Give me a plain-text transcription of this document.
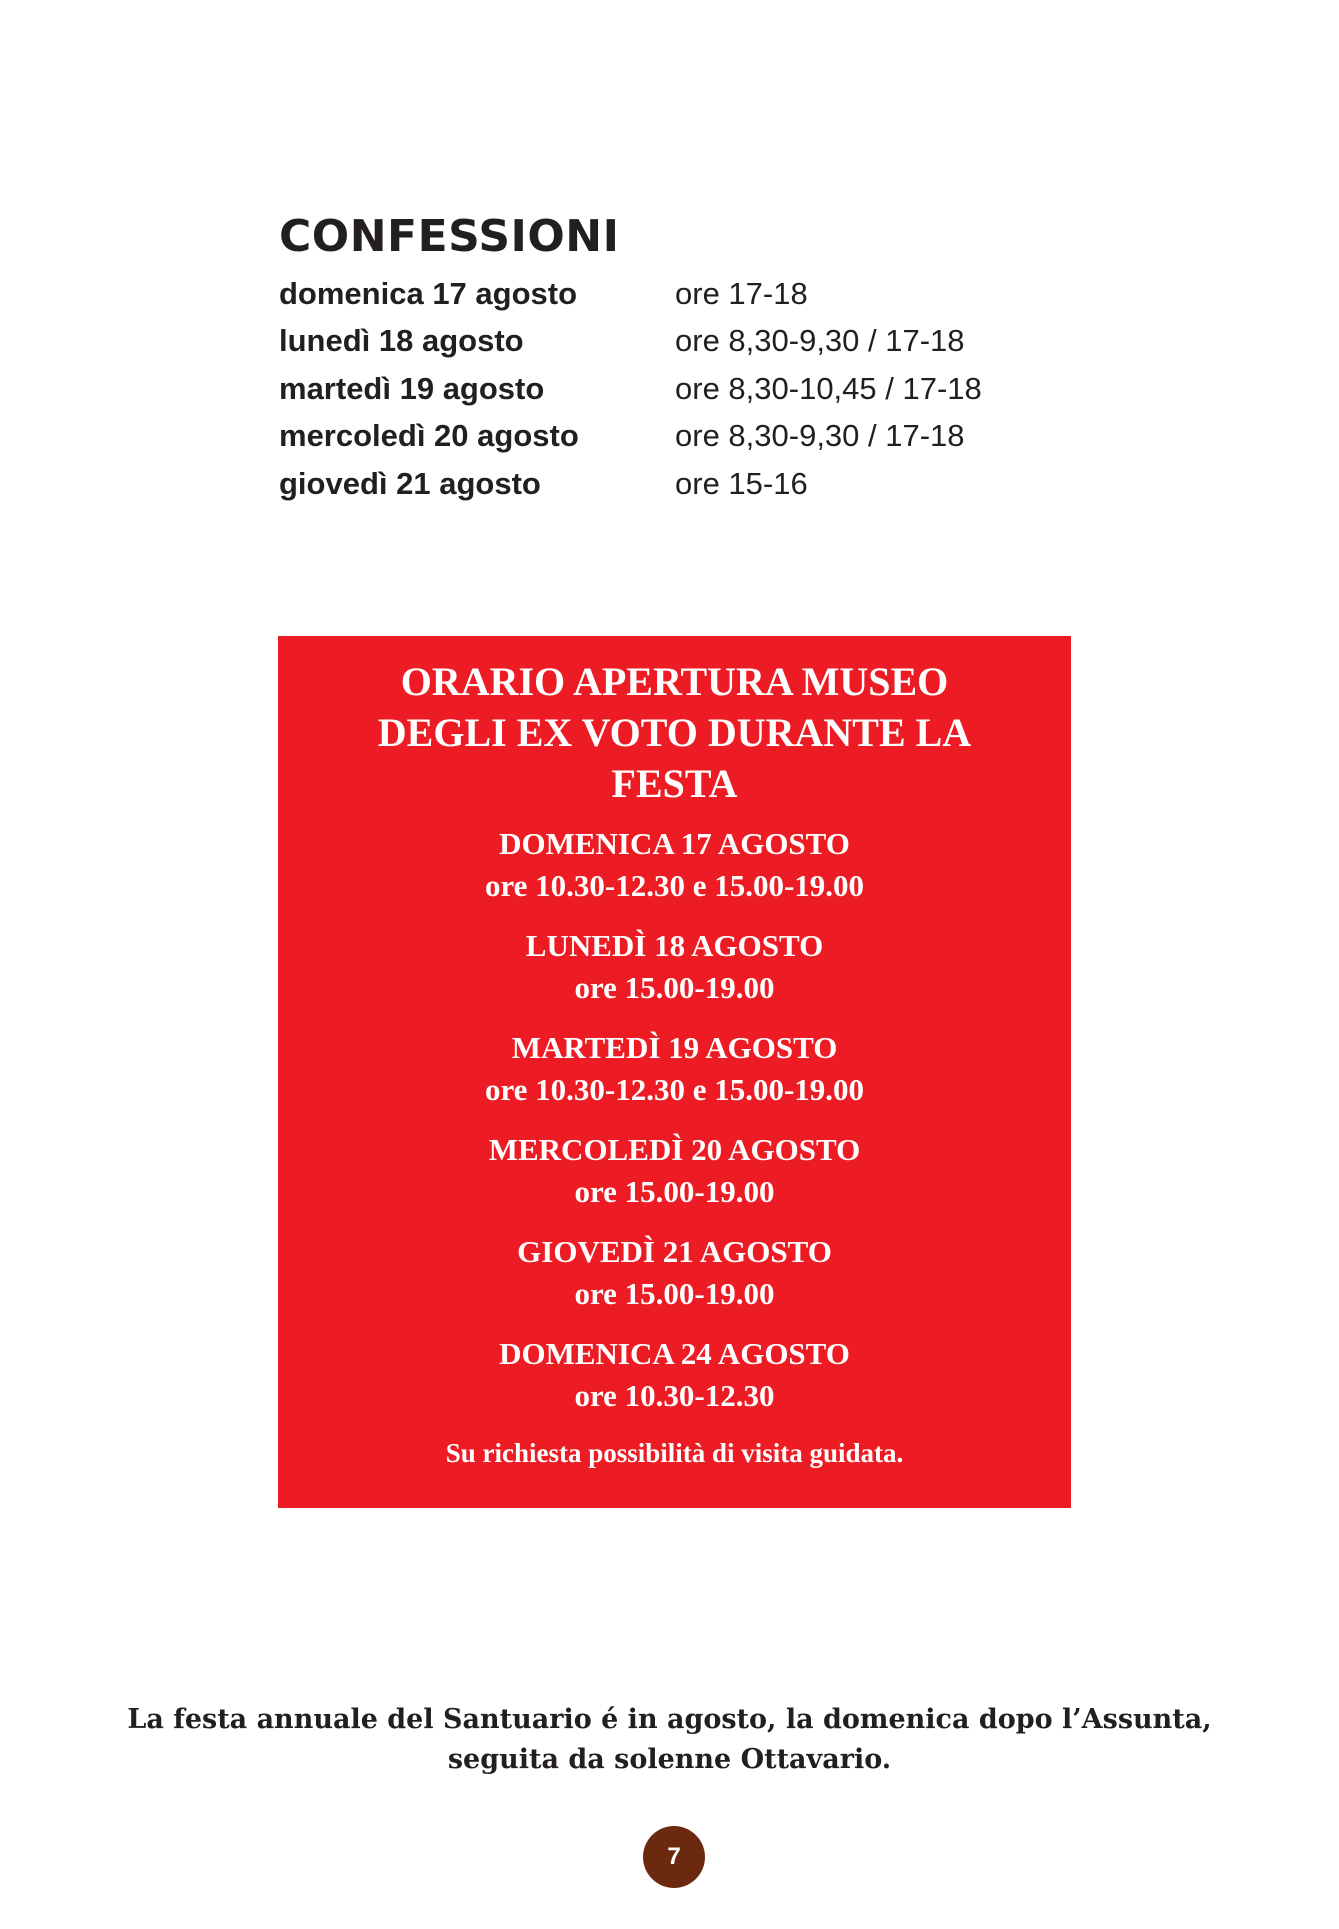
CONFESSIONI
domenica 17 agosto	ore 17-18
lunedì 18 agosto	ore 8,30-9,30 / 17-18
martedì 19 agosto	ore 8,30-10,45 / 17-18
mercoledì 20 agosto	ore 8,30-9,30 / 17-18
giovedì 21 agosto	ore 15-16
ORARIO APERTURA MUSEO DEGLI EX VOTO DURANTE LA FESTA
DOMENICA 17 AGOSTO
ore 10.30-12.30 e 15.00-19.00
LUNEDÌ 18 AGOSTO
ore 15.00-19.00
MARTEDÌ 19 AGOSTO
ore 10.30-12.30 e 15.00-19.00
MERCOLEDÌ 20 AGOSTO
ore 15.00-19.00
GIOVEDÌ 21 AGOSTO
ore 15.00-19.00
DOMENICA 24 AGOSTO
ore 10.30-12.30
Su richiesta possibilità di visita guidata.
La festa annuale del Santuario é in agosto, la domenica dopo l’Assunta,
seguita da solenne Ottavario.
7
